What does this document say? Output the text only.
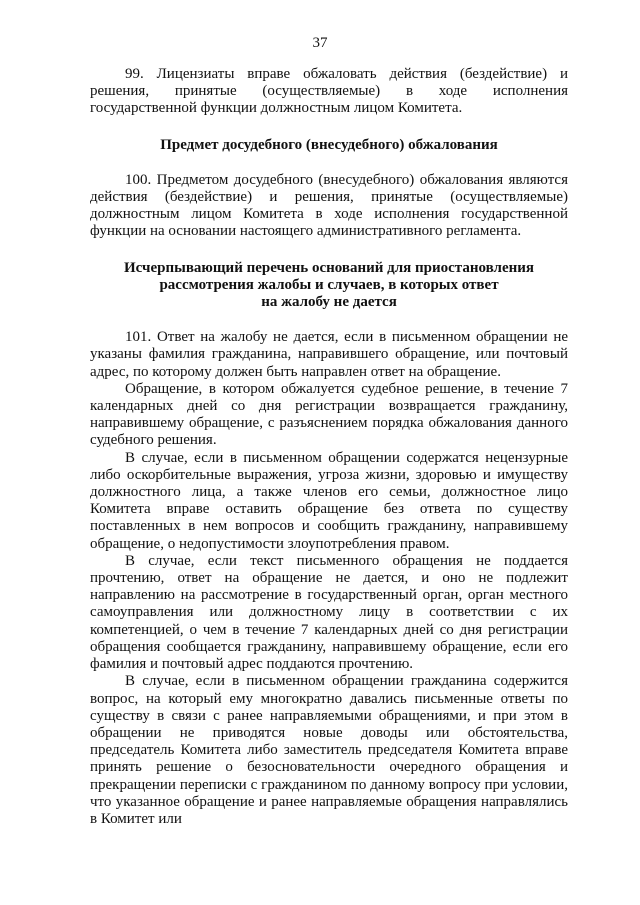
37

99. Лицензиаты вправе обжаловать действия (бездействие) и решения, принятые (осуществляемые) в ходе исполнения государственной функции должностным лицом Комитета.

Предмет досудебного (внесудебного) обжалования

100. Предметом досудебного (внесудебного) обжалования являются действия (бездействие) и решения, принятые (осуществляемые) должностным лицом Комитета в ходе исполнения государственной функции на основании настоящего административного регламента.

Исчерпывающий перечень оснований для приостановления
рассмотрения жалобы и случаев, в которых ответ
на жалобу не дается

101. Ответ на жалобу не дается, если в письменном обращении не указаны фамилия гражданина, направившего обращение, или почтовый адрес, по которому должен быть направлен ответ на обращение.

Обращение, в котором обжалуется судебное решение, в течение 7 календарных дней со дня регистрации возвращается гражданину, направившему обращение, с разъяснением порядка обжалования данного судебного решения.

В случае, если в письменном обращении содержатся нецензурные либо оскорбительные выражения, угроза жизни, здоровью и имуществу должностного лица, а также членов его семьи, должностное лицо Комитета вправе оставить обращение без ответа по существу поставленных в нем вопросов и сообщить гражданину, направившему обращение, о недопустимости злоупотребления правом.

В случае, если текст письменного обращения не поддается прочтению, ответ на обращение не дается, и оно не подлежит направлению на рассмотрение в государственный орган, орган местного самоуправления или должностному лицу в соответствии с их компетенцией, о чем в течение 7 календарных дней со дня регистрации обращения сообщается гражданину, направившему обращение, если его фамилия и почтовый адрес поддаются прочтению.

В случае, если в письменном обращении гражданина содержится вопрос, на который ему многократно давались письменные ответы по существу в связи с ранее направляемыми обращениями, и при этом в обращении не приводятся новые доводы или обстоятельства, председатель Комитета либо заместитель председателя Комитета вправе принять решение о безосновательности очередного обращения и прекращении переписки с гражданином по данному вопросу при условии, что указанное обращение и ранее направляемые обращения направлялись в Комитет или
